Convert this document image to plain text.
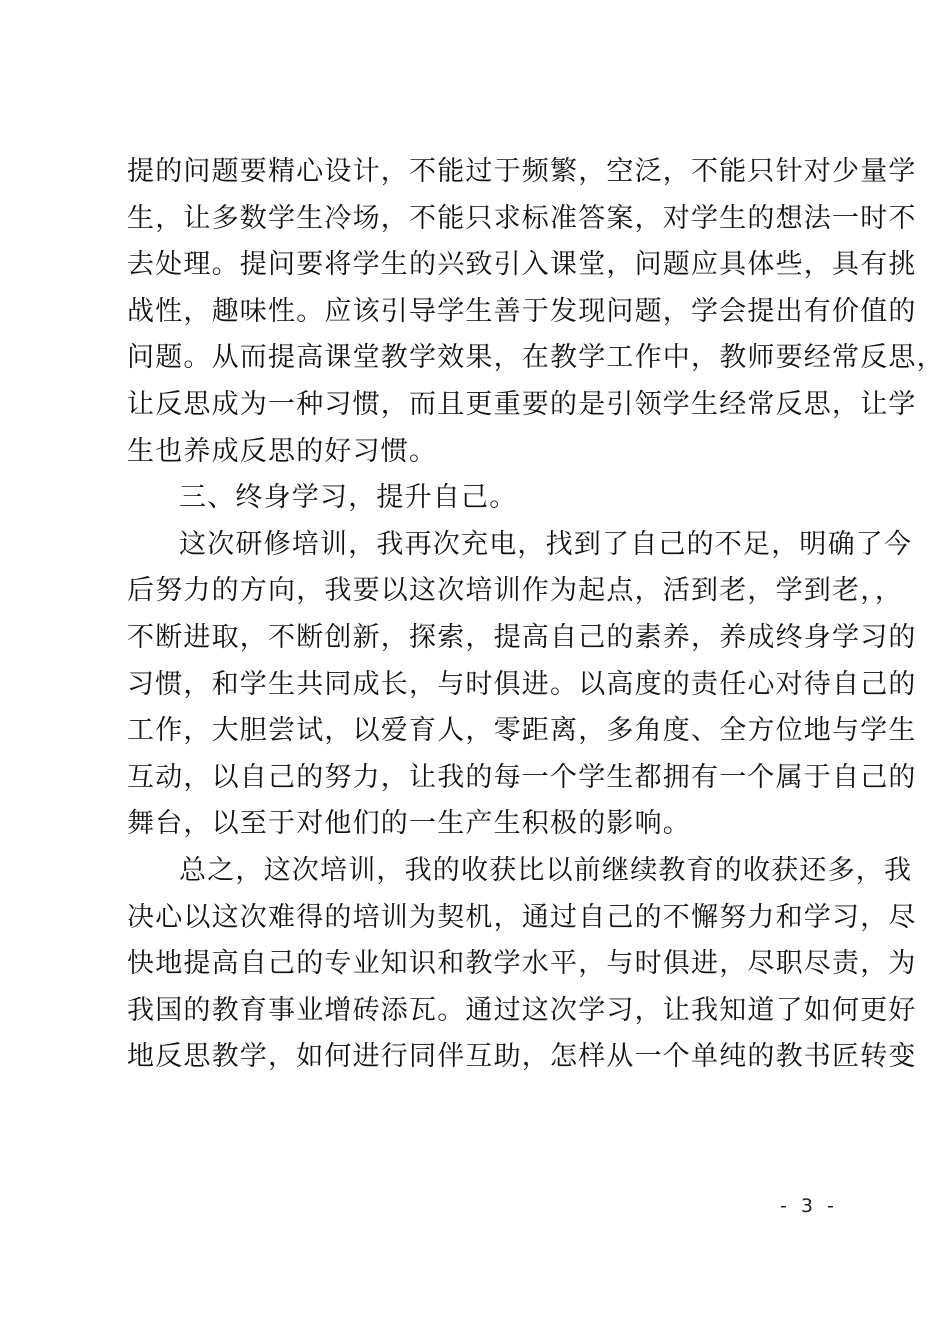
提的问题要精心设计，不能过于频繁，空泛，不能只针对少量学
生，让多数学生冷场，不能只求标准答案，对学生的想法一时不
去处理。提问要将学生的兴致引入课堂，问题应具体些，具有挑
战性，趣味性。应该引导学生善于发现问题，学会提出有价值的
问题。从而提高课堂教学效果，在教学工作中，教师要经常反思，
让反思成为一种习惯，而且更重要的是引领学生经常反思，让学
生也养成反思的好习惯。
三、终身学习，提升自己。
这次研修培训，我再次充电，找到了自己的不足，明确了今
后努力的方向，我要以这次培训作为起点，活到老，学到老，，
不断进取，不断创新，探索，提高自己的素养，养成终身学习的
习惯，和学生共同成长，与时俱进。以高度的责任心对待自己的
工作，大胆尝试，以爱育人，零距离，多角度、全方位地与学生
互动，以自己的努力，让我的每一个学生都拥有一个属于自己的
舞台，以至于对他们的一生产生积极的影响。
总之，这次培训，我的收获比以前继续教育的收获还多，我
决心以这次难得的培训为契机，通过自己的不懈努力和学习，尽
快地提高自己的专业知识和教学水平，与时俱进，尽职尽责，为
我国的教育事业增砖添瓦。通过这次学习，让我知道了如何更好
地反思教学，如何进行同伴互助，怎样从一个单纯的教书匠转变
- 3 -
